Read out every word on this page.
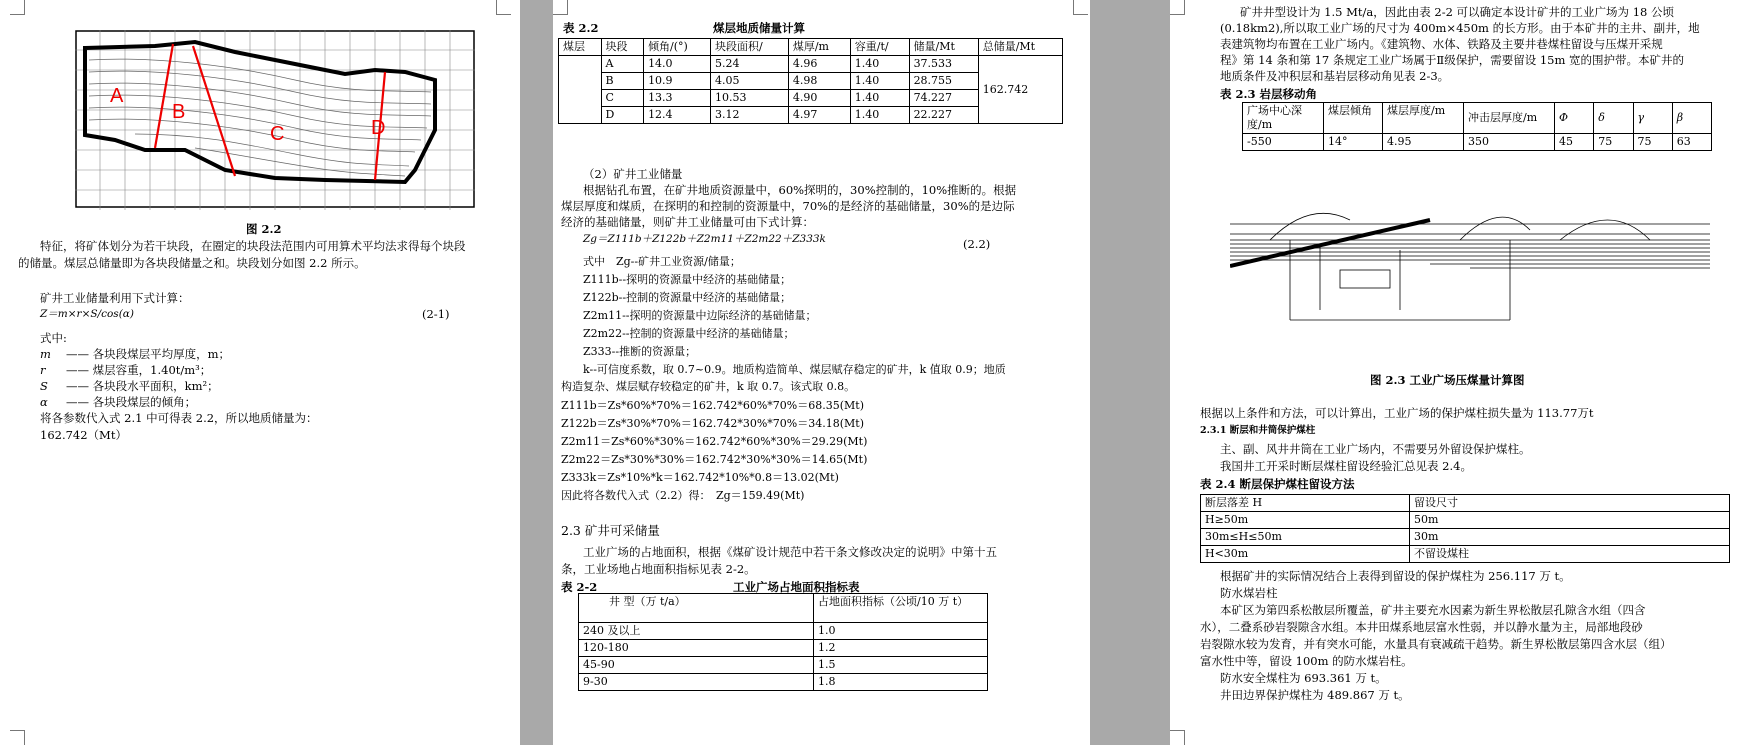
A
B
C	D
图 2.2
特征，将矿体划分为若干块段，在圈定的块段法范围内可用算术平均法求得每个块段
的储量。煤层总储量即为各块段储量之和。块段划分如图 2.2 所示。
矿井工业储量利用下式计算：
Z＝m×r×S/cos(α)	(2-1)
式中:
m —— 各块段煤层平均厚度，m；
r —— 煤层容重，1.40t/m³；
S —— 各块段水平面积，km²；
α —— 各块段煤层的倾角；
将各参数代入式 2.1 中可得表 2.2，所以地质储量为：
162.742（Mt）
表 2.2	煤层地质储量计算
煤层	块段	倾角/(°)	块段面积/	煤厚/m	容重/t/	储量/Mt	总储量/Mt
	A	14.0	5.24	4.96	1.40	37.533	162.742
	B	10.9	4.05	4.98	1.40	28.755	
	C	13.3	10.53	4.90	1.40	74.227	
	D	12.4	3.12	4.97	1.40	22.227	
（2）矿井工业储量
根据钻孔布置，在矿井地质资源量中，60%探明的，30%控制的，10%推断的。根据
煤层厚度和煤质，在探明的和控制的资源量中，70%的是经济的基础储量，30%的是边际
经济的基础储量，则矿井工业储量可由下式计算：
Zg＝Z111b＋Z122b＋Z2m11＋Z2m22＋Z333k	(2.2)
式中　Zg--矿井工业资源/储量；
Z111b--探明的资源量中经济的基础储量；
Z122b--控制的资源量中经济的基础储量；
Z2m11--探明的资源量中边际经济的基础储量；
Z2m22--控制的资源量中经济的基础储量；
Z333--推断的资源量；
k--可信度系数，取 0.7~0.9。地质构造简单、煤层赋存稳定的矿井，k 值取 0.9；地质
构造复杂、煤层赋存较稳定的矿井，k 取 0.7。该式取 0.8。
Z111b＝Zs*60%*70%＝162.742*60%*70%＝68.35(Mt)
Z122b＝Zs*30%*70%＝162.742*30%*70%＝34.18(Mt)
Z2m11＝Zs*60%*30%＝162.742*60%*30%＝29.29(Mt)
Z2m22＝Zs*30%*30%＝162.742*30%*30%＝14.65(Mt)
Z333k＝Zs*10%*k＝162.742*10%*0.8＝13.02(Mt)
因此将各数代入式（2.2）得：　Zg＝159.49(Mt)
2.3 矿井可采储量
工业广场的占地面积，根据《煤矿设计规范中若干条文修改决定的说明》中第十五
条，工业场地占地面积指标见表 2-2。
表 2-2	工业广场占地面积指标表
井 型（万 t/a）	占地面积指标（公顷/10 万 t）
240 及以上	1.0
120-180	1.2
45-90	1.5
9-30	1.8
矿井井型设计为 1.5 Mt/a，因此由表 2-2 可以确定本设计矿井的工业广场为 18 公顷
(0.18km2),所以取工业广场的尺寸为 400m×450m 的长方形。由于本矿井的主井、副井，地
表建筑物均布置在工业广场内。《建筑物、水体、铁路及主要井巷煤柱留设与压煤开采规
程》第 14 条和第 17 条规定工业广场属于Ⅱ级保护，需要留设 15m 宽的围护带。本矿井的
地质条件及冲积层和基岩层移动角见表 2-3。
表 2.3 岩层移动角
广场中心深度/m	煤层倾角	煤层厚度/m	冲击层厚度/m	Φ	δ	γ	β
-550	14°	4.95	350	45	75	75	63
图 2.3 工业广场压煤量计算图
根据以上条件和方法，可以计算出，工业广场的保护煤柱损失量为 113.77万t
2.3.1 断层和井筒保护煤柱
主、副、风井井筒在工业广场内，不需要另外留设保护煤柱。
我国井工开采时断层煤柱留设经验汇总见表 2.4。
表 2.4 断层保护煤柱留设方法
断层落差 H	留设尺寸
H≥50m	50m
30m≤H≤50m	30m
H<30m	不留设煤柱
根据矿井的实际情况结合上表得到留设的保护煤柱为 256.117 万 t。
防水煤岩柱
本矿区为第四系松散层所覆盖，矿井主要充水因素为新生界松散层孔隙含水组（四含
水），二叠系砂岩裂隙含水组。本井田煤系地层富水性弱，并以静水量为主，局部地段砂
岩裂隙水较为发育，并有突水可能，水量具有衰减疏干趋势。新生界松散层第四含水层（组）
富水性中等，留设 100m 的防水煤岩柱。
防水安全煤柱为 693.361 万 t。
井田边界保护煤柱为 489.867 万 t。
